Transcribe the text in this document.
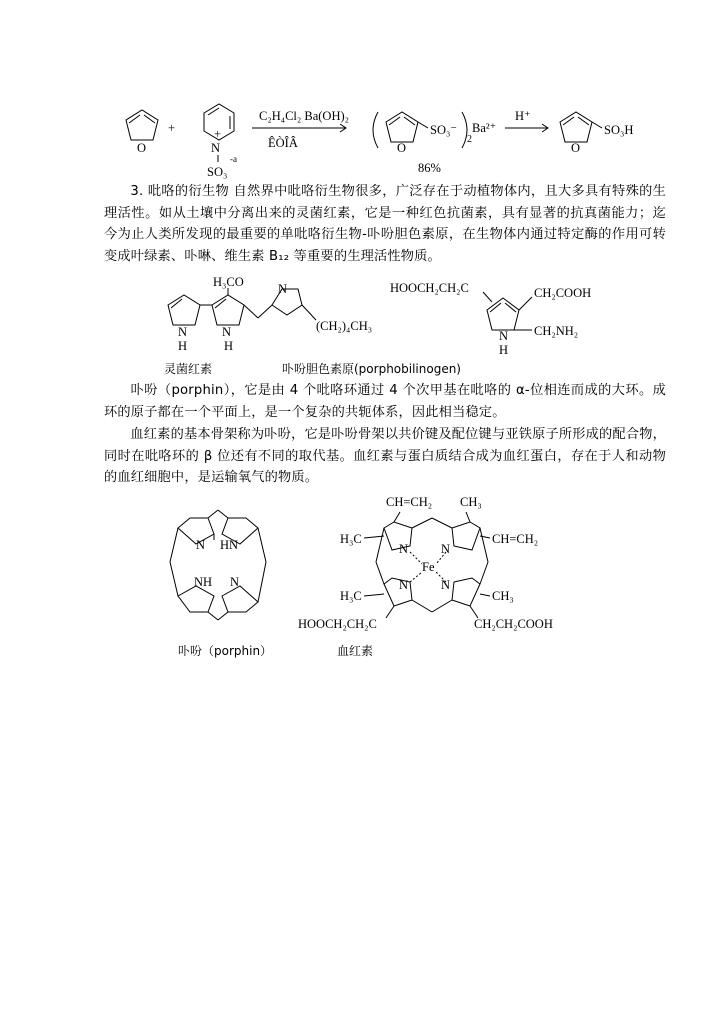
O
+	+
N
SO₃
-a
C₂H₄Cl₂ Ba(OH)₂
ÊÒÎÂ	O
SO₃⁻
2
Ba²⁺
86%
H⁺
O
SO₃H

3. 吡咯的衍生物 自然界中吡咯衍生物很多，广泛存在于动植物体内，且大多具有特殊的生理活性。如从土壤中分离出来的灵菌红素，它是一种红色抗菌素，具有显著的抗真菌能力；迄今为止人类所发现的最重要的单吡咯衍生物-卟吩胆色素原，在生物体内通过特定酶的作用可转变成叶绿素、卟啉、维生素 B₁₂ 等重要的生理活性物质。

N
H
N
H
H₃CO	N
(CH₂)₄CH₃
HOOCH₂CH₂C	CH₂COOH
N
H
CH₂NH₂
灵菌红素	卟吩胆色素原(porphobilinogen)

卟吩（porphin），它是由 4 个吡咯环通过 4 个次甲基在吡咯的 α-位相连而成的大环。成环的原子都在一个平面上，是一个复杂的共轭体系，因此相当稳定。

血红素的基本骨架称为卟吩，它是卟吩骨架以共价键及配位键与亚铁原子所形成的配合物，同时在吡咯环的 β 位还有不同的取代基。血红素与蛋白质结合成为血红蛋白，存在于人和动物的血红细胞中，是运输氧气的物质。

N HN
NH N
CH=CH₂ CH₃
N	N
N	N
Fe
H₃C	CH=CH₂
H₃C	CH₃
HOOCH₂CH₂C	CH₂CH₂COOH
卟吩（porphin）	血红素
